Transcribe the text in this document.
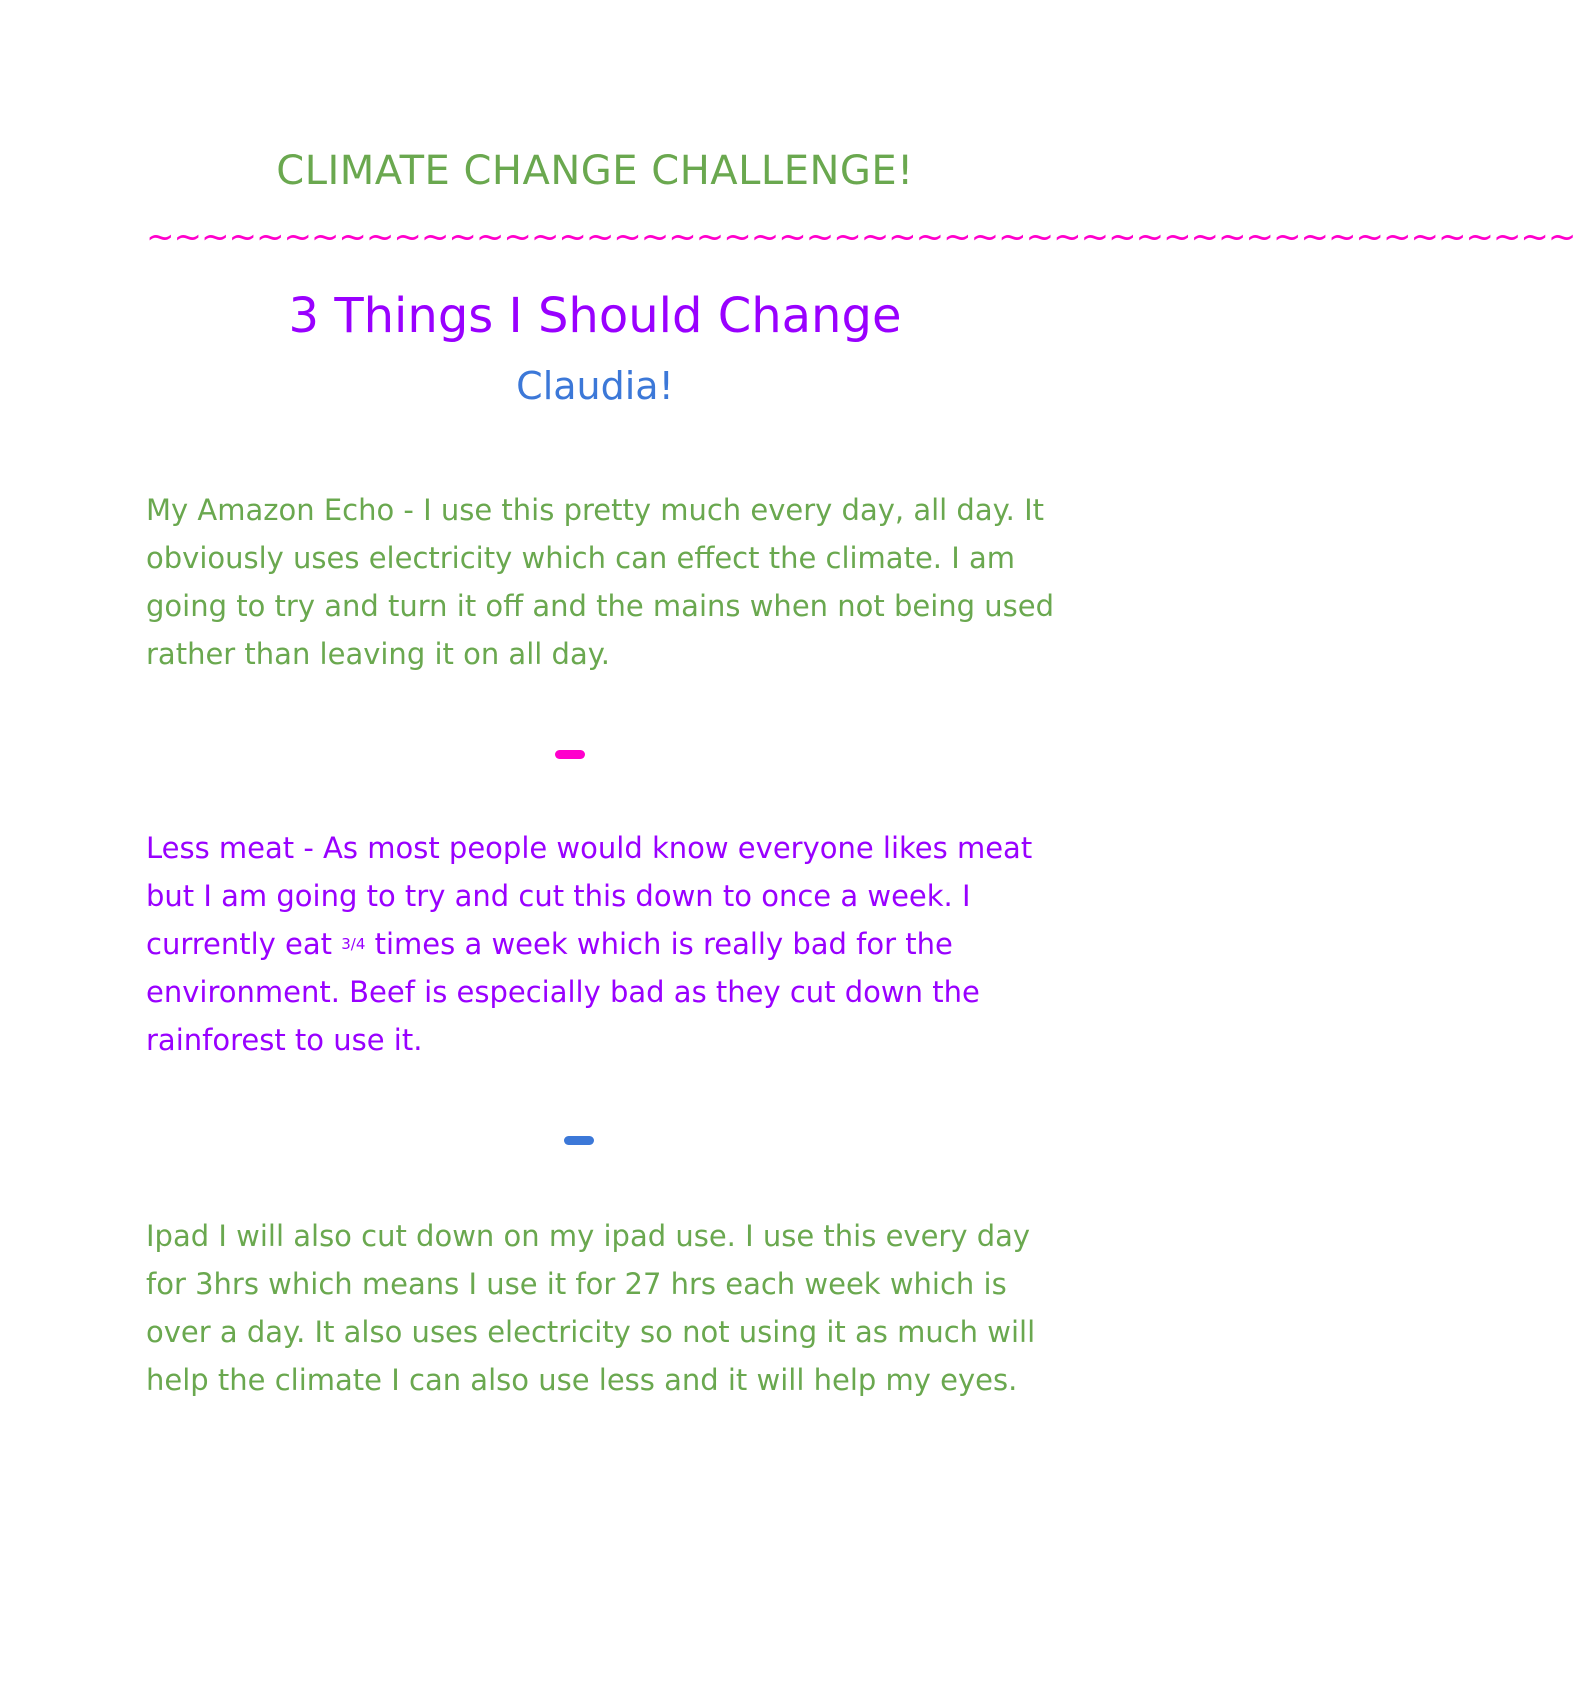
CLIMATE CHANGE CHALLENGE!
~~~~~~~~~~~~~~~~~~~~~~~~~~~~~~~~~~~~~~~~~~~~~~~~~~~~
3 Things I Should Change
Claudia!

My Amazon Echo - I use this pretty much every day, all day. It obviously uses electricity which can effect the climate. I am going to try and turn it off and the mains when not being used rather than leaving it on all day.

Less meat - As most people would know everyone likes meat but I am going to try and cut this down to once a week. I currently eat 3/4 times a week which is really bad for the environment. Beef is especially bad as they cut down the rainforest to use it.

Ipad I will also cut down on my ipad use. I use this every day for 3hrs which means I use it for 27 hrs each week which is over a day. It also uses electricity so not using it as much will help the climate I can also use less and it will help my eyes.
